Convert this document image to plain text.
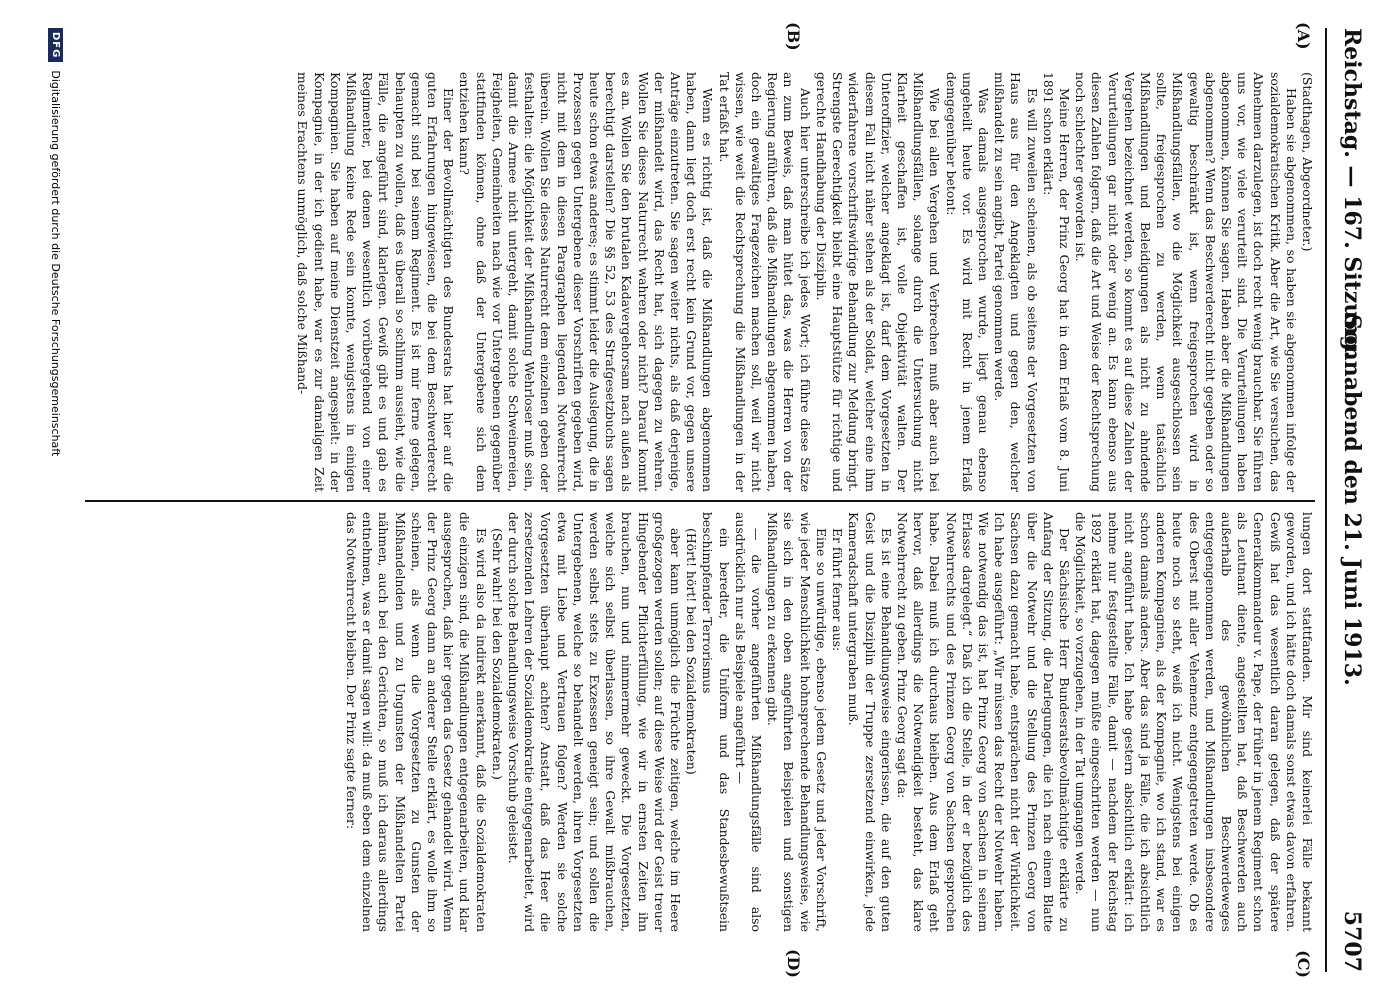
Reichstag. — 167. Sitzung.
Sonnabend den 21. Juni 1913.
5707
(A)
(B)
(C)
(D)

(Stadthagen, Abgeordneter.)

Haben sie abgenommen, so haben sie abgenommen infolge der sozialdemokratischen Kritik. Aber die Art, wie Sie versuchen, das Abnehmen darzulegen, ist doch recht wenig brauchbar. Sie führen uns vor, wie viele verurteilt sind. Die Verurteilungen haben abgenommen, können Sie sagen. Haben aber die Mißhandlungen abgenommen? Wenn das Beschwerderecht nicht gegeben oder so gewaltig beschränkt ist, wenn freigesprochen wird in Mißhandlungsfällen, wo die Möglichkeit ausgeschlossen sein sollte, freigesprochen zu werden, wenn tatsächlich Mißhandlungen und Beleidigungen als nicht zu ahndende Vergehen bezeichnet werden, so kommt es auf diese Zahlen der Verurteilungen gar nicht oder wenig an. Es kann ebenso aus diesen Zahlen folgern, daß die Art und Weise der Rechtsprechung noch schlechter geworden ist.

Meine Herren, der Prinz Georg hat in dem Erlaß vom 8. Juni 1891 schon erklärt:

Es will zuweilen scheinen, als ob seitens der Vorgesetzten von Haus aus für den Angeklagten und gegen den, welcher mißhandelt zu sein angibt, Partei genommen werde.

Was damals ausgesprochen wurde, liegt genau ebenso ungeheilt heute vor. Es wird mit Recht in jenem Erlaß demgegenüber betont:

Wie bei allen Vergehen und Verbrechen muß aber auch bei Mißhandlungsfällen, solange durch die Untersuchung nicht Klarheit geschaffen ist, volle Objektivität walten. Der Unteroffizier, welcher angeklagt ist, darf dem Vorgesetzten in diesem Fall nicht näher stehen als der Soldat, welcher eine ihm widerfahrene vorschriftswidrige Behandlung zur Meldung bringt. Strengste Gerechtigkeit bleibt eine Hauptstütze für richtige und gerechte Handhabung der Disziplin.

Auch hier unterschreibe ich jedes Wort; ich führe diese Sätze an zum Beweis, daß man hütet das, was die Herren von der Regierung anführen, daß die Mißhandlungen abgenommen haben, doch ein gewaltiges Fragezeichen machen soll, weil wir nicht wissen, wie weit die Rechtsprechung die Mißhandlungen in der Tat erfaßt hat.

Wenn es richtig ist, daß die Mißhandlungen abgenommen haben, dann liegt doch erst recht kein Grund vor, gegen unsere Anträge einzutreten. Sie sagen weiter nichts, als daß derjenige, der mißhandelt wird, das Recht hat, sich dagegen zu wehren. Wollen Sie dieses Naturrecht wahren oder nicht? Darauf kommt es an. Wollen Sie den brutalen Kadavergehorsam nach außen als berechtigt darstellen? Die §§ 52, 53 des Strafgesetzbuchs sagen heute schon etwas anderes; es stimmt leider die Auslegung, die in Prozessen gegen Untergebene dieser Vorschriften gegeben wird, nicht mit dem in diesen Paragraphen liegenden Notwehrrecht überein. Wollen Sie dieses Naturrecht dem einzelnen geben oder festhalten: die Möglichkeit der Mißhandlung Wehrloser muß sein, damit die Armee nicht untergeht, damit solche Schweinereien, Feigheiten, Gemeinheiten nach wie vor Untergebenen gegenüber stattfinden können, ohne daß der Untergebene sich dem entziehen kann?

Einer der Bevollmächtigten des Bundesrats hat hier auf die guten Erfahrungen hingewiesen, die bei dem Beschwerderecht gemacht sind bei seinem Regiment. Es ist mir ferne gelegen, behaupten zu wollen, daß es überall so schlimm aussieht, wie die Fälle, die angeführt sind, klarlegen. Gewiß gibt es und gab es Regimenter, bei denen wesentlich vorübergehend von einer Mißhandlung keine Rede sein konnte, wenigstens in einigen Kompagnien. Sie haben auf meine Dienstzeit angespielt: in der Kompagnie, in der ich gedient habe, war es zur damaligen Zeit meines Erachtens unmöglich, daß solche Mißhand-

lungen dort stattfanden. Mir sind keinerlei Fälle bekannt geworden, und ich hätte doch damals sonst etwas davon erfahren. Gewiß hat das wesentlich daran gelegen, daß der spätere Generalkommandeur v. Pape, der früher in jenem Regiment schon als Leutnant diente, angestellten hat, daß Beschwerden auch außerhalb des gewöhnlichen Beschwerdeweges entgegengenommen werden, und Mißhandlungen insbesondere des Oberst mit aller Vehemenz entgegengetreten werde. Ob es heute noch so steht, weiß ich nicht. Wenigstens bei einigen anderen Kompagnien, als der Kompagnie, wo ich stand, war es schon damals anders. Aber das sind ja Fälle, die ich absichtlich nicht angeführt habe. Ich habe gestern absichtlich erklärt: ich nehme nur festgestellte Fälle, damit — nachdem der Reichstag 1892 erklärt hat, dagegen müßte eingeschritten werden — nun die Möglichkeit, so vorzugehen, in der Tat umgangen werde.

Der Sächsische Herr Bundesratsbevollmächtigte erklärte zu Anfang der Sitzung, die Darlegungen, die ich nach einem Blatte über die Notwehr und die Stellung des Prinzen Georg von Sachsen dazu gemacht habe, entsprächen nicht der Wirklichkeit. Ich habe ausgeführt: „Wir müssen das Recht der Notwehr haben. Wie notwendig das ist, hat Prinz Georg von Sachsen in seinem Erlasse dargelegt.“ Daß ich die Stelle, in der er bezüglich des Notwehrrechts und des Prinzen Georg von Sachsen gesprochen habe. Dabei muß ich durchaus bleiben. Aus dem Erlaß geht hervor, daß allerdings die Notwendigkeit besteht, das klare Notwehrrecht zu geben. Prinz Georg sagt da:

Es ist eine Behandlungsweise eingerissen, die auf den guten Geist und die Disziplin der Truppe zersetzend einwirken, jede Kameradschaft untergraben muß.

Er führt ferner aus:

Eine so unwürdige, ebenso jedem Gesetz und jeder Vorschrift, wie jeder Menschlichkeit hohnsprechende Behandlungsweise, wie sie sich in den oben angeführten Beispielen und sonstigen Mißhandlungen zu erkennen gibt.

— die vorher angeführten Mißhandlungsfälle sind also ausdrücklich nur als Beispiele angeführt —

ein beredter, die Uniform und das Standesbewußtsein beschimpfender Terrorismus

(Hört! hört! bei den Sozialdemokraten)

aber kann unmöglich die Früchte zeitigen, welche im Heere großgezogen werden sollen; auf diese Weise wird der Geist treuer Hingebender Pflichterfüllung, wie wir in ernsten Zeiten ihn brauchen, nun und nimmermehr geweckt. Die Vorgesetzten, welche sich selbst überlassen, so ihre Gewalt mißbrauchen, werden selbst stets zu Exzessen geneigt sein; und sollen die Untergebenen, welche so behandelt werden, ihren Vorgesetzten etwa mit Liebe und Vertrauen folgen? Werden sie solche Vorgesetzten überhaupt achten? Anstatt, daß das Heer die zersetzenden Lehren der Sozialdemokratie entgegenarbeitet, wird der durch solche Behandlungsweise Vorschub geleistet.

(Sehr wahr! bei den Sozialdemokraten.)

Es wird also da indirekt anerkannt, daß die Sozialdemokraten die einzigen sind, die Mißhandlungen entgegenarbeiten, und klar ausgesprochen, daß hier gegen das Gesetz gehandelt wird. Wenn der Prinz Georg dann an anderer Stelle erklärt, es wolle ihm so scheinen, als wenn die Vorgesetzten zu Gunsten der Mißhandelnden und zu Ungunsten der Mißhandelten Partei nähmen, auch bei den Gerichten, so muß ich daraus allerdings entnehmen, was er damit sagen will: da muß eben dem einzelnen das Notwehrrecht bleiben. Der Prinz sagte ferner:

DFG
Digitalisierung gefördert durch die Deutsche Forschungsgemeinschaft
